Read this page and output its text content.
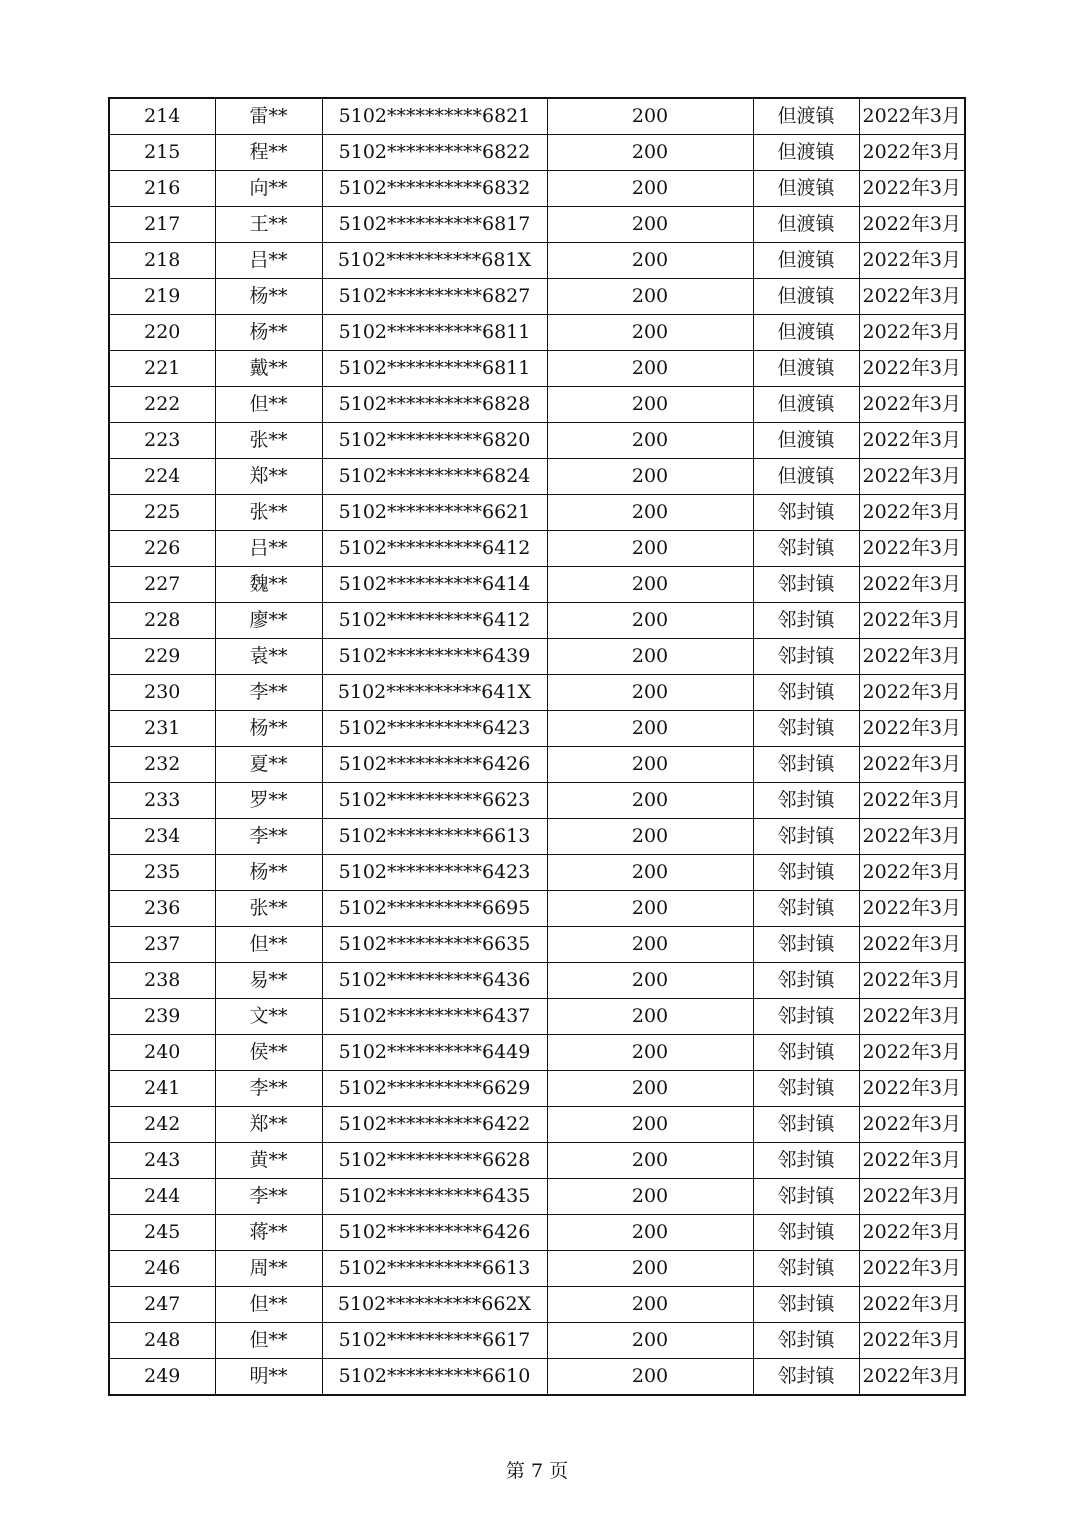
214	雷**	5102**********6821	200	但渡镇	2022年3月
215	程**	5102**********6822	200	但渡镇	2022年3月
216	向**	5102**********6832	200	但渡镇	2022年3月
217	王**	5102**********6817	200	但渡镇	2022年3月
218	吕**	5102**********681X	200	但渡镇	2022年3月
219	杨**	5102**********6827	200	但渡镇	2022年3月
220	杨**	5102**********6811	200	但渡镇	2022年3月
221	戴**	5102**********6811	200	但渡镇	2022年3月
222	但**	5102**********6828	200	但渡镇	2022年3月
223	张**	5102**********6820	200	但渡镇	2022年3月
224	郑**	5102**********6824	200	但渡镇	2022年3月
225	张**	5102**********6621	200	邻封镇	2022年3月
226	吕**	5102**********6412	200	邻封镇	2022年3月
227	魏**	5102**********6414	200	邻封镇	2022年3月
228	廖**	5102**********6412	200	邻封镇	2022年3月
229	袁**	5102**********6439	200	邻封镇	2022年3月
230	李**	5102**********641X	200	邻封镇	2022年3月
231	杨**	5102**********6423	200	邻封镇	2022年3月
232	夏**	5102**********6426	200	邻封镇	2022年3月
233	罗**	5102**********6623	200	邻封镇	2022年3月
234	李**	5102**********6613	200	邻封镇	2022年3月
235	杨**	5102**********6423	200	邻封镇	2022年3月
236	张**	5102**********6695	200	邻封镇	2022年3月
237	但**	5102**********6635	200	邻封镇	2022年3月
238	易**	5102**********6436	200	邻封镇	2022年3月
239	文**	5102**********6437	200	邻封镇	2022年3月
240	侯**	5102**********6449	200	邻封镇	2022年3月
241	李**	5102**********6629	200	邻封镇	2022年3月
242	郑**	5102**********6422	200	邻封镇	2022年3月
243	黄**	5102**********6628	200	邻封镇	2022年3月
244	李**	5102**********6435	200	邻封镇	2022年3月
245	蒋**	5102**********6426	200	邻封镇	2022年3月
246	周**	5102**********6613	200	邻封镇	2022年3月
247	但**	5102**********662X	200	邻封镇	2022年3月
248	但**	5102**********6617	200	邻封镇	2022年3月
249	明**	5102**********6610	200	邻封镇	2022年3月
第 7 页
